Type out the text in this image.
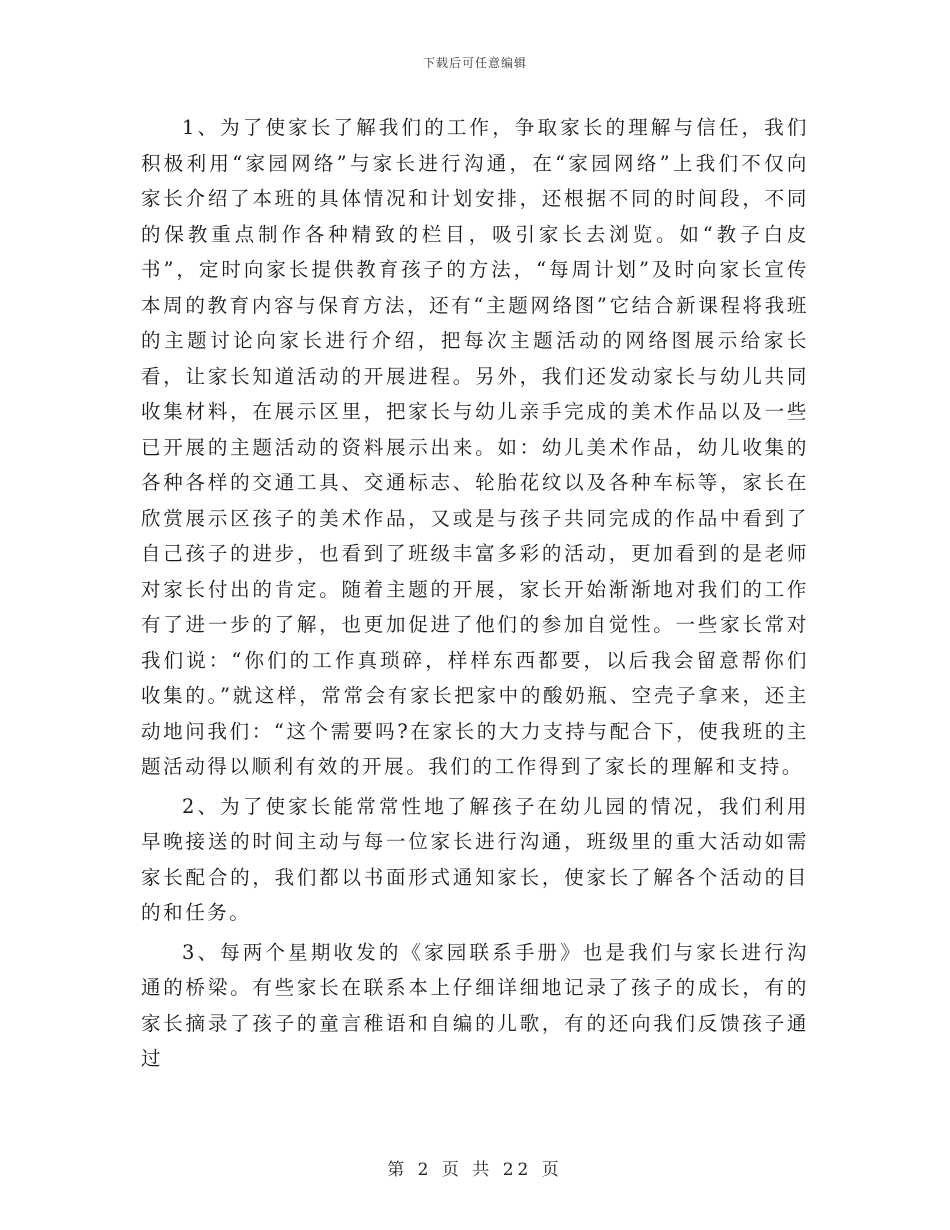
下载后可任意编辑

1、为了使家长了解我们的工作，争取家长的理解与信任，我们积极利用“家园网络”与家长进行沟通，在“家园网络”上我们不仅向家长介绍了本班的具体情况和计划安排，还根据不同的时间段，不同的保教重点制作各种精致的栏目，吸引家长去浏览。如“教子白皮书”，定时向家长提供教育孩子的方法，“每周计划”及时向家长宣传本周的教育内容与保育方法，还有“主题网络图”它结合新课程将我班的主题讨论向家长进行介绍，把每次主题活动的网络图展示给家长看，让家长知道活动的开展进程。另外，我们还发动家长与幼儿共同收集材料，在展示区里，把家长与幼儿亲手完成的美术作品以及一些已开展的主题活动的资料展示出来。如：幼儿美术作品，幼儿收集的各种各样的交通工具、交通标志、轮胎花纹以及各种车标等，家长在欣赏展示区孩子的美术作品，又或是与孩子共同完成的作品中看到了自己孩子的进步，也看到了班级丰富多彩的活动，更加看到的是老师对家长付出的肯定。随着主题的开展，家长开始渐渐地对我们的工作有了进一步的了解，也更加促进了他们的参加自觉性。一些家长常对我们说：“你们的工作真琐碎，样样东西都要，以后我会留意帮你们收集的。”就这样，常常会有家长把家中的酸奶瓶、空壳子拿来，还主动地问我们：“这个需要吗?在家长的大力支持与配合下，使我班的主题活动得以顺利有效的开展。我们的工作得到了家长的理解和支持。

2、为了使家长能常常性地了解孩子在幼儿园的情况，我们利用早晚接送的时间主动与每一位家长进行沟通，班级里的重大活动如需家长配合的，我们都以书面形式通知家长，使家长了解各个活动的目的和任务。

3、每两个星期收发的《家园联系手册》也是我们与家长进行沟通的桥梁。有些家长在联系本上仔细详细地记录了孩子的成长，有的家长摘录了孩子的童言稚语和自编的儿歌，有的还向我们反馈孩子通过

第 2 页 共 22 页
